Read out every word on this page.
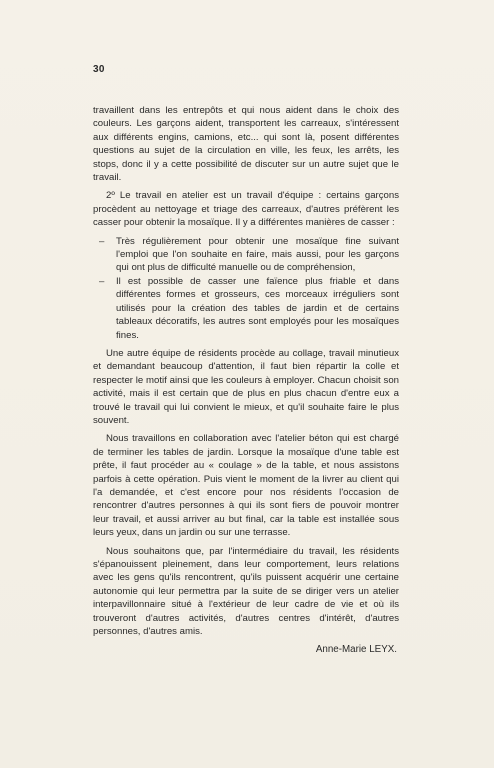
30

travaillent dans les entrepôts et qui nous aident dans le choix des couleurs. Les garçons aident, transportent les carreaux, s'intéressent aux différents engins, camions, etc... qui sont là, posent différentes questions au sujet de la circulation en ville, les feux, les arrêts, les stops, donc il y a cette possibilité de discuter sur un autre sujet que le travail.

2º Le travail en atelier est un travail d'équipe : certains garçons procèdent au nettoyage et triage des carreaux, d'autres préfèrent les casser pour obtenir la mosaïque. Il y a différentes manières de casser :

– Très régulièrement pour obtenir une mosaïque fine suivant l'emploi que l'on souhaite en faire, mais aussi, pour les garçons qui ont plus de difficulté manuelle ou de compréhension,
– Il est possible de casser une faïence plus friable et dans différentes formes et grosseurs, ces morceaux irréguliers sont utilisés pour la création des tables de jardin et de certains tableaux décoratifs, les autres sont employés pour les mosaïques fines.

Une autre équipe de résidents procède au collage, travail minutieux et demandant beaucoup d'attention, il faut bien répartir la colle et respecter le motif ainsi que les couleurs à employer. Chacun choisit son activité, mais il est certain que de plus en plus chacun d'entre eux a trouvé le travail qui lui convient le mieux, et qu'il souhaite faire le plus souvent.

Nous travaillons en collaboration avec l'atelier béton qui est chargé de terminer les tables de jardin. Lorsque la mosaïque d'une table est prête, il faut procéder au « coulage » de la table, et nous assistons parfois à cette opération. Puis vient le moment de la livrer au client qui l'a demandée, et c'est encore pour nos résidents l'occasion de rencontrer d'autres personnes à qui ils sont fiers de pouvoir montrer leur travail, et aussi arriver au but final, car la table est installée sous leurs yeux, dans un jardin ou sur une terrasse.

Nous souhaitons que, par l'intermédiaire du travail, les résidents s'épanouissent pleinement, dans leur comportement, leurs relations avec les gens qu'ils rencontrent, qu'ils puissent acquérir une certaine autonomie qui leur permettra par la suite de se diriger vers un atelier interpavillonnaire situé à l'extérieur de leur cadre de vie et où ils trouveront d'autres activités, d'autres centres d'intérêt, d'autres personnes, d'autres amis.

Anne-Marie LEYX.
